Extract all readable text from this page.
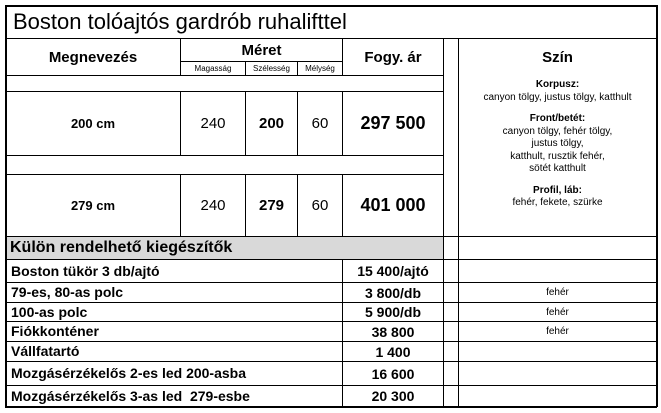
Boston tolóajtós gardrób ruhalifttel
Megnevezés	Méret
Magasság	Szélesség	Mélység
Fogy. ár	Szín
200 cm	240	200	60	297 500
279 cm	240	279	60	401 000
Korpusz:
canyon tölgy, justus tölgy, katthult
Front/betét:
canyon tölgy, fehér tölgy,
justus tölgy,
katthult, rusztik fehér,
sötét katthult
Profil, láb:
fehér, fekete, szürke
Külön rendelhető kiegészítők
Boston tükör 3 db/ajtó	15 400/ajtó
79-es, 80-as polc	3 800/db	fehér
100-as polc	5 900/db	fehér
Fiókkonténer	38 800	fehér
Vállfatartó	1 400
Mozgásérzékelős 2-es led 200-asba	16 600
Mozgásérzékelős 3-as led  279-esbe	20 300
